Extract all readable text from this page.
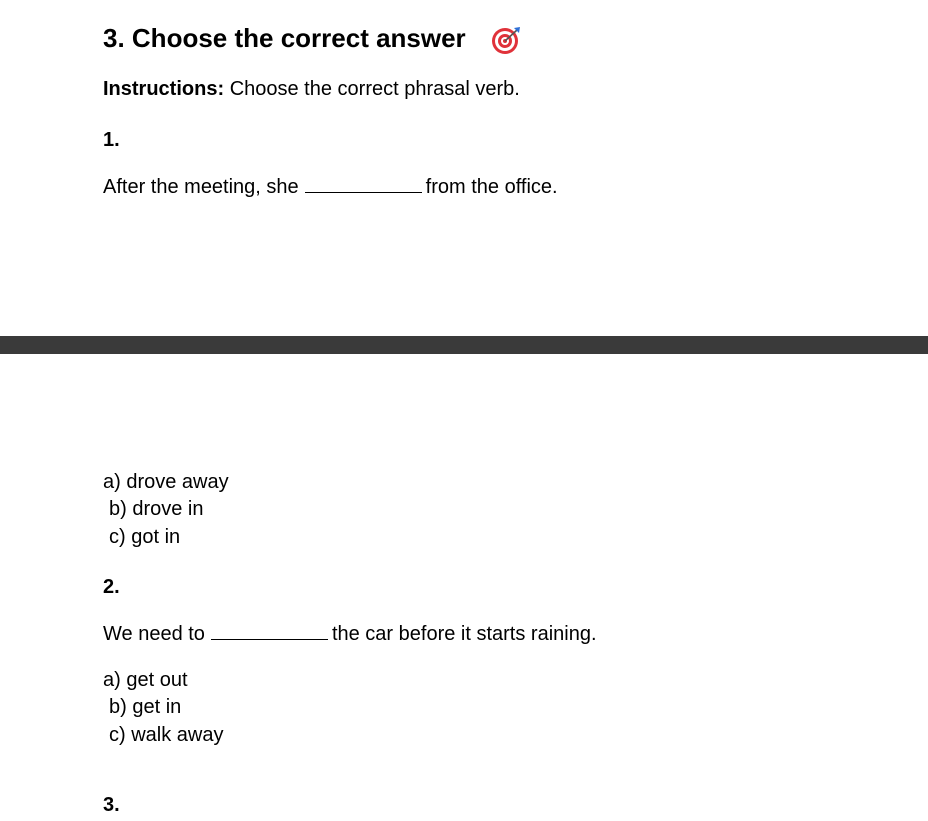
3. Choose the correct answer
Instructions: Choose the correct phrasal verb.
1.
After the meeting, she	from the office.
a) drove away
b) drove in
c) got in
2.
We need to	the car before it starts raining.
a) get out
b) get in
c) walk away
3.
